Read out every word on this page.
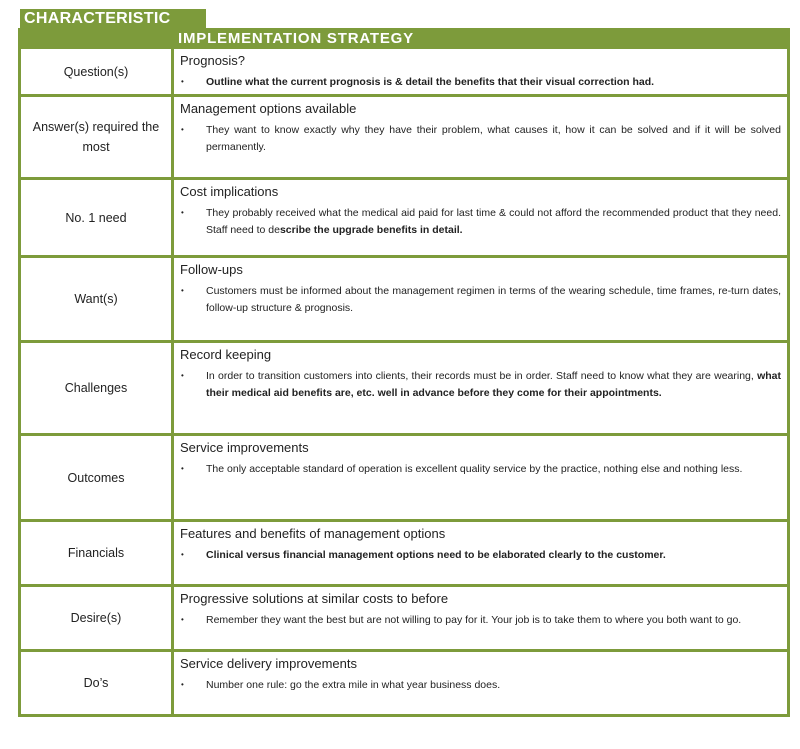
CHARACTERISTIC
IMPLEMENTATION STRATEGY
Question(s)
Prognosis?
•	Outline what the current prognosis is & detail the benefits that their visual correction had.
Answer(s) required the most
Management options available
•	They want to know exactly why they have their problem, what causes it, how it can be solved and if it will be solved permanently.
No. 1 need
Cost implications
•	They probably received what the medical aid paid for last time & could not afford the recommended product that they need. Staff need to describe the upgrade benefits in detail.
Want(s)
Follow-ups
•	Customers must be informed about the management regimen in terms of the wearing schedule, time frames, re-turn dates, follow-up structure & prognosis.
Challenges
Record keeping
•	In order to transition customers into clients, their records must be in order. Staff need to know what they are wearing, what their medical aid benefits are, etc. well in advance before they come for their appointments.
Outcomes
Service improvements
•	The only acceptable standard of operation is excellent quality service by the practice, nothing else and nothing less.
Financials
Features and benefits of management options
•	Clinical versus financial management options need to be elaborated clearly to the customer.
Desire(s)
Progressive solutions at similar costs to before
•	Remember they want the best but are not willing to pay for it. Your job is to take them to where you both want to go.
Do’s
Service delivery improvements
•	Number one rule: go the extra mile in what year business does.
